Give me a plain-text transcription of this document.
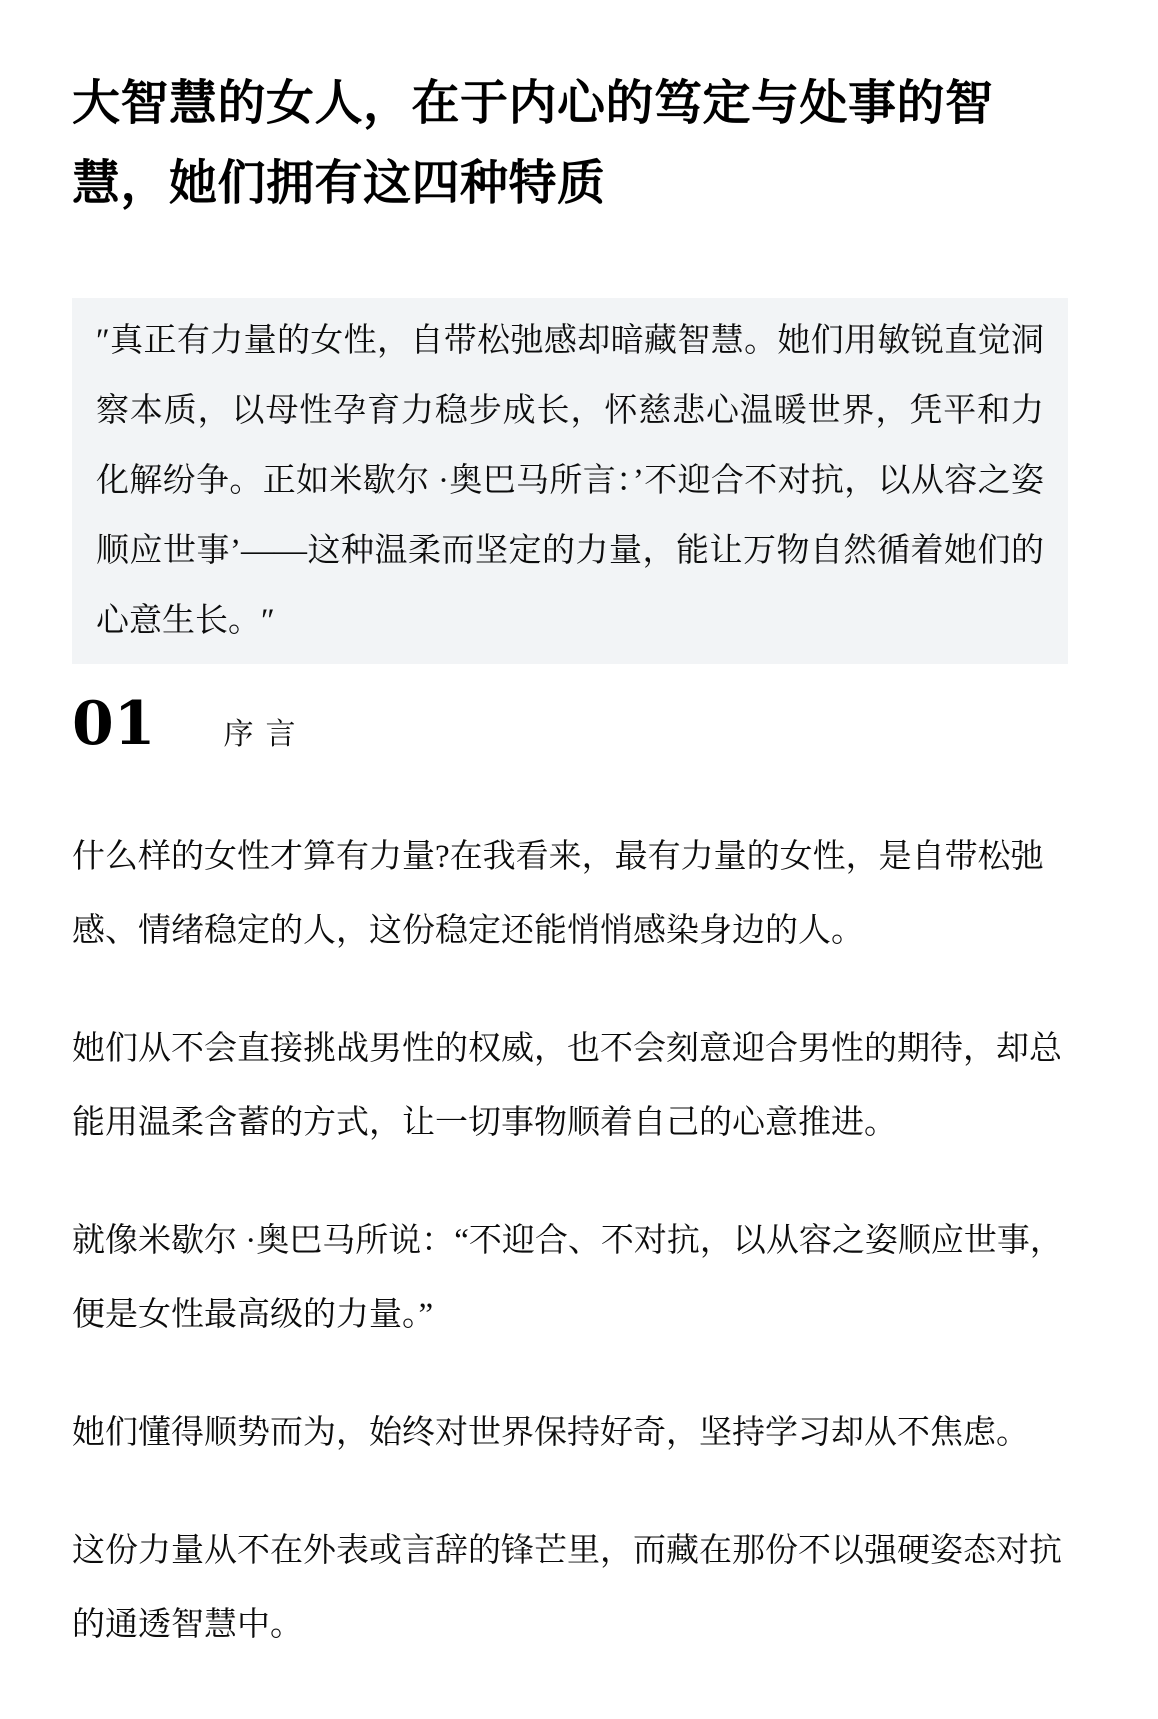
大智慧的女人，在于内心的笃定与处事的智慧，她们拥有这四种特质
″真正有力量的女性，自带松弛感却暗藏智慧。她们用敏锐直觉洞察本质，以母性孕育力稳步成长，怀慈悲心温暖世界，凭平和力化解纷争。正如米歇尔 ·奥巴马所言：’不迎合不对抗，以从容之姿顺应世事’——这种温柔而坚定的力量，能让万物自然循着她们的心意生长。″
01 序言

什么样的女性才算有力量?在我看来，最有力量的女性，是自带松弛感、情绪稳定的人，这份稳定还能悄悄感染身边的人。

她们从不会直接挑战男性的权威，也不会刻意迎合男性的期待，却总能用温柔含蓄的方式，让一切事物顺着自己的心意推进。

就像米歇尔 ·奥巴马所说：“不迎合、不对抗，以从容之姿顺应世事，便是女性最高级的力量。”

她们懂得顺势而为，始终对世界保持好奇，坚持学习却从不焦虑。

这份力量从不在外表或言辞的锋芒里，而藏在那份不以强硬姿态对抗的通透智慧中。
